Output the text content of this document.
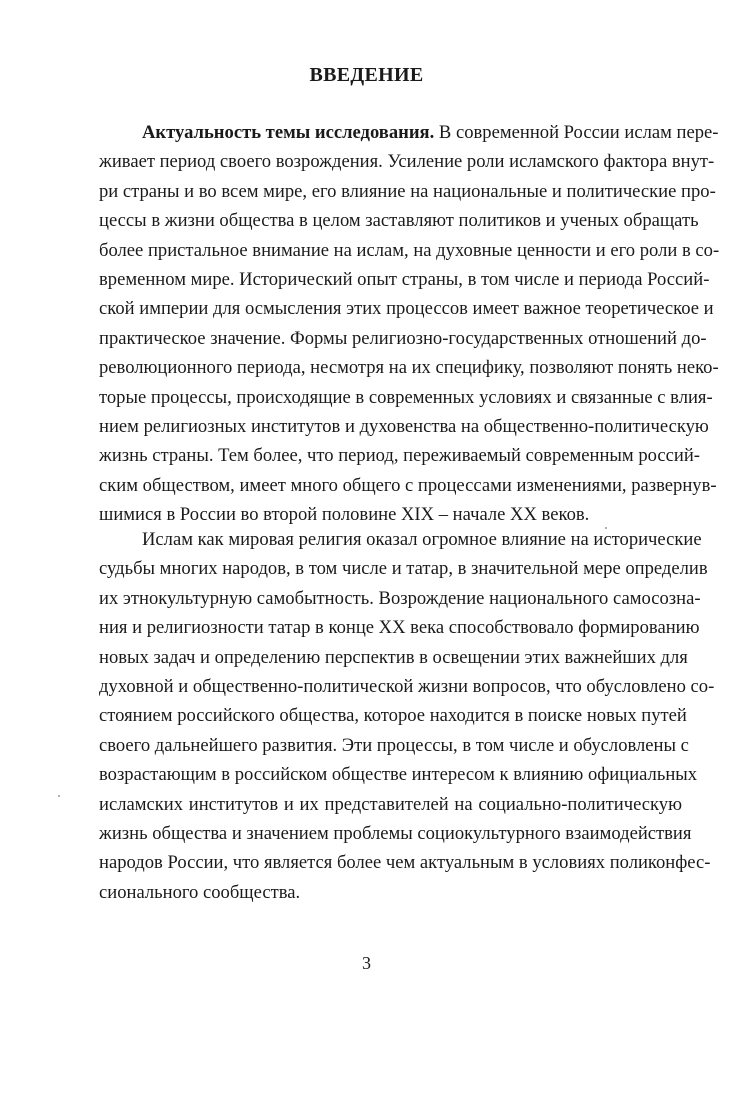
ВВЕДЕНИЕ
Актуальность темы исследования. В современной России ислам пере-
живает период своего возрождения. Усиление роли исламского фактора внут-
ри страны и во всем мире, его влияние на национальные и политические про-
цессы в жизни общества в целом заставляют политиков и ученых обращать
более пристальное внимание на ислам, на духовные ценности и его роли в со-
временном мире. Исторический опыт страны, в том числе и периода Россий-
ской империи для осмысления этих процессов имеет важное теоретическое и
практическое значение. Формы религиозно-государственных отношений до-
революционного периода, несмотря на их специфику, позволяют понять неко-
торые процессы, происходящие в современных условиях и связанные с влия-
нием религиозных институтов и духовенства на общественно-политическую
жизнь страны. Тем более, что период, переживаемый современным россий-
ским обществом, имеет много общего с процессами изменениями, развернув-
шимися в России во второй половине XIX – начале XX веков.
Ислам как мировая религия оказал огромное влияние на исторические
судьбы многих народов, в том числе и татар, в значительной мере определив
их этнокультурную самобытность. Возрождение национального самосозна-
ния и религиозности татар в конце XX века способствовало формированию
новых задач и определению перспектив в освещении этих важнейших для
духовной и общественно-политической жизни вопросов, что обусловлено со-
стоянием российского общества, которое находится в поиске новых путей
своего дальнейшего развития. Эти процессы, в том числе и обусловлены с
возрастающим в российском обществе интересом к влиянию официальных
исламских институтов и их представителей на социально-политическую
жизнь общества и значением проблемы социокультурного взаимодействия
народов России, что является более чем актуальным в условиях поликонфес-
сионального сообщества.
3
